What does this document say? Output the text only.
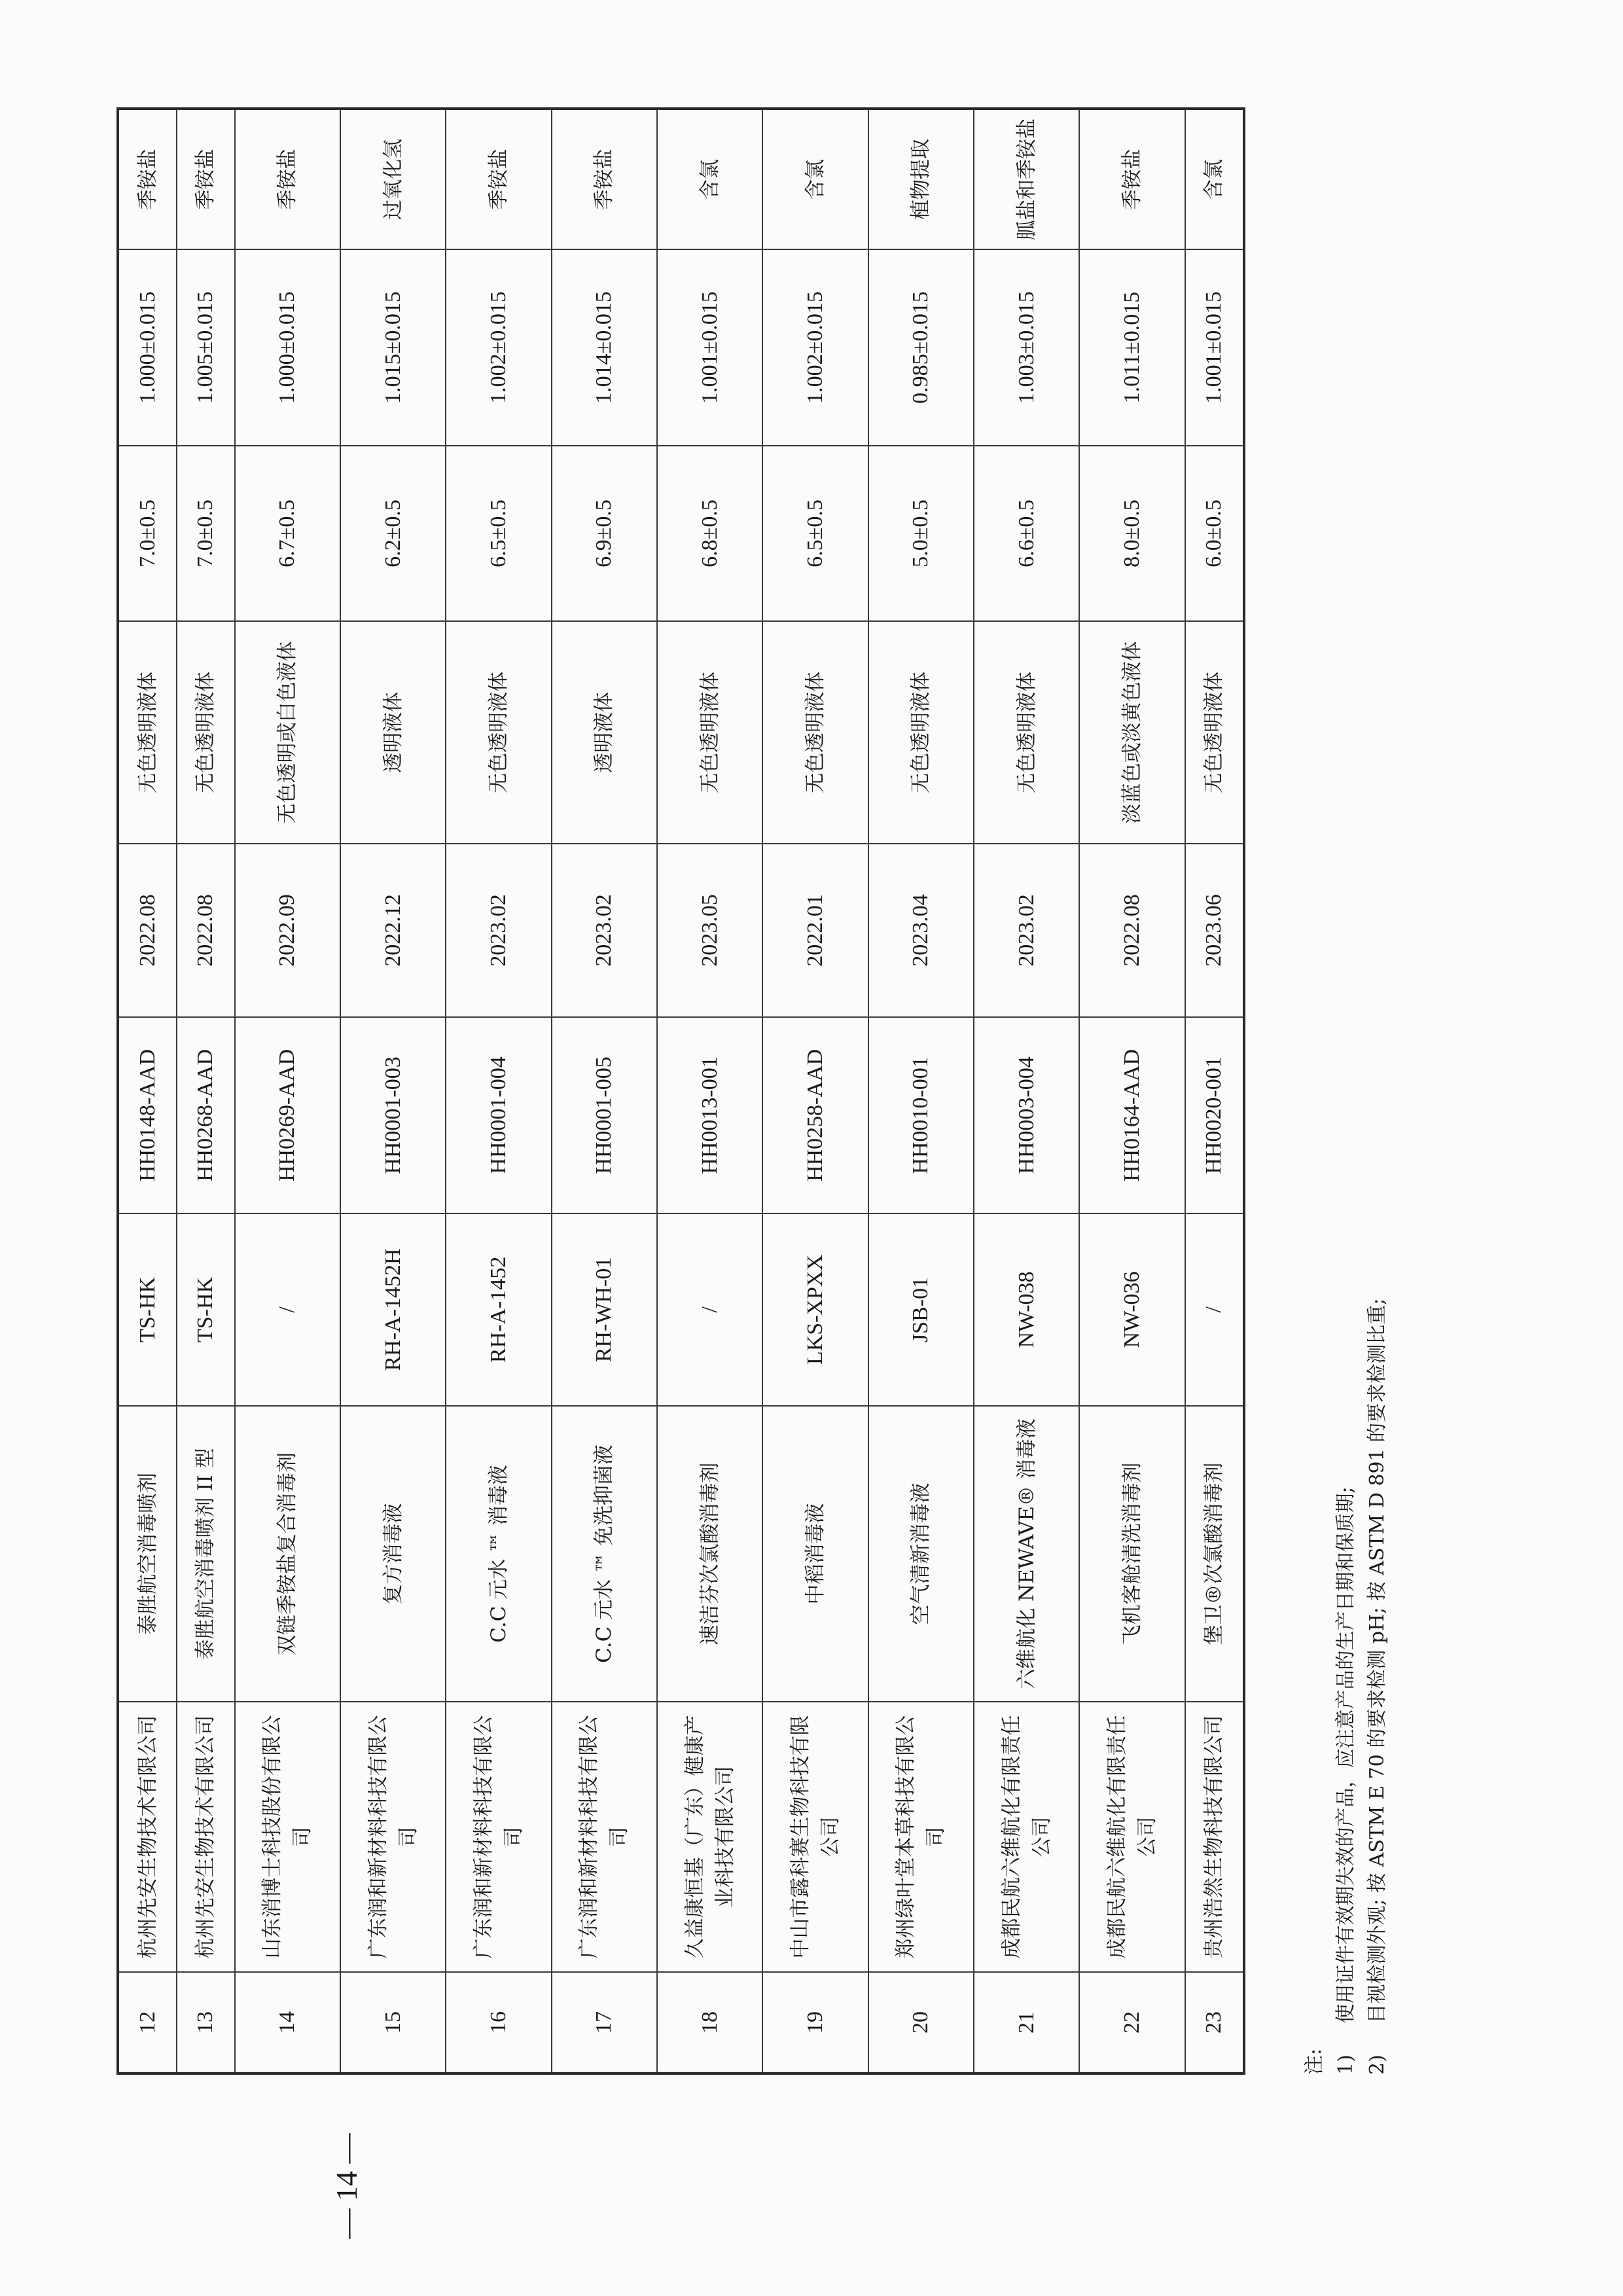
12	杭州先安生物技术有限公司	泰胜航空消毒喷剂	TS-HK	HH0148-AAD	2022.08	无色透明液体	7.0±0.5	1.000±0.015	季铵盐
13	杭州先安生物技术有限公司	泰胜航空消毒喷剂 II 型	TS-HK	HH0268-AAD	2022.08	无色透明液体	7.0±0.5	1.005±0.015	季铵盐
14	山东消博士科技股份有限公司	双链季铵盐复合消毒剂	/	HH0269-AAD	2022.09	无色透明或白色液体	6.7±0.5	1.000±0.015	季铵盐
15	广东润和新材料科技有限公司	复方消毒液	RH-A-1452H	HH0001-003	2022.12	透明液体	6.2±0.5	1.015±0.015	过氧化氢
16	广东润和新材料科技有限公司	C.C 元水 ™ 消毒液	RH-A-1452	HH0001-004	2023.02	无色透明液体	6.5±0.5	1.002±0.015	季铵盐
17	广东润和新材料科技有限公司	C.C 元水 ™ 免洗抑菌液	RH-WH-01	HH0001-005	2023.02	透明液体	6.9±0.5	1.014±0.015	季铵盐
18	久益康恒基（广东）健康产业科技有限公司	速洁芬次氯酸消毒剂	/	HH0013-001	2023.05	无色透明液体	6.8±0.5	1.001±0.015	含氯
19	中山市露科赛生物科技有限公司	中稻消毒液	LKS-XPXX	HH0258-AAD	2022.01	无色透明液体	6.5±0.5	1.002±0.015	含氯
20	郑州绿叶堂本草科技有限公司	空气清新消毒液	JSB-01	HH0010-001	2023.04	无色透明液体	5.0±0.5	0.985±0.015	植物提取
21	成都民航六维航化有限责任公司	六维航化 NEWAVE® 消毒液	NW-038	HH0003-004	2023.02	无色透明液体	6.6±0.5	1.003±0.015	胍盐和季铵盐
22	成都民航六维航化有限责任公司	飞机客舱清洗消毒剂	NW-036	HH0164-AAD	2022.08	淡蓝色或淡黄色液体	8.0±0.5	1.011±0.015	季铵盐
23	贵州浩然生物科技有限公司	堡卫®次氯酸消毒剂	/	HH0020-001	2023.06	无色透明液体	6.0±0.5	1.001±0.015	含氯
注: 1)     使用证件有效期失效的产品，应注意产品的生产日期和保质期;
2)     目视检测外观; 按 ASTM E 70 的要求检测 pH; 按 ASTM D 891 的要求检测比重;
— 14 —
